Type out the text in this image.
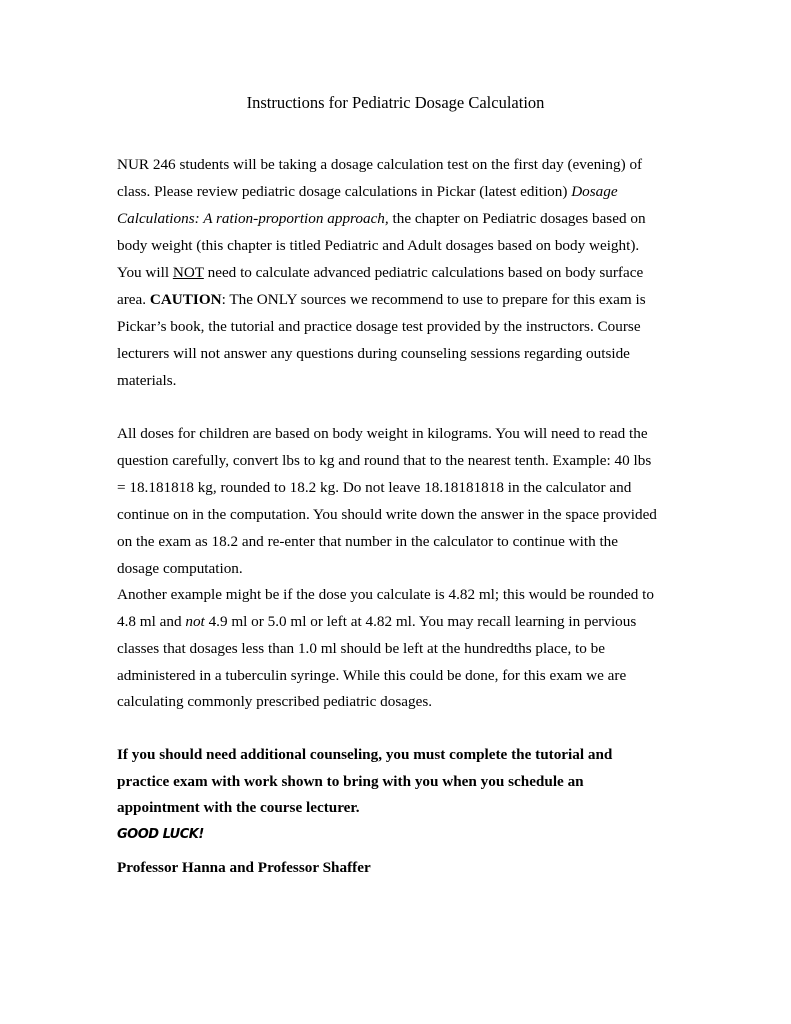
Instructions for Pediatric Dosage Calculation
NUR 246 students will be taking a dosage calculation test on the first day (evening) of
class. Please review pediatric dosage calculations in Pickar (latest edition) Dosage
Calculations: A ration-proportion approach, the chapter on Pediatric dosages based on
body weight (this chapter is titled Pediatric and Adult dosages based on body weight).
You will NOT need to calculate advanced pediatric calculations based on body surface
area. CAUTION: The ONLY sources we recommend to use to prepare for this exam is
Pickar’s book, the tutorial and practice dosage test provided by the instructors. Course
lecturers will not answer any questions during counseling sessions regarding outside
materials.
All doses for children are based on body weight in kilograms. You will need to read the
question carefully, convert lbs to kg and round that to the nearest tenth. Example: 40 lbs
= 18.181818 kg, rounded to 18.2 kg. Do not leave 18.18181818 in the calculator and
continue on in the computation. You should write down the answer in the space provided
on the exam as 18.2 and re-enter that number in the calculator to continue with the
dosage computation.
Another example might be if the dose you calculate is 4.82 ml; this would be rounded to
4.8 ml and not 4.9 ml or 5.0 ml or left at 4.82 ml. You may recall learning in pervious
classes that dosages less than 1.0 ml should be left at the hundredths place, to be
administered in a tuberculin syringe. While this could be done, for this exam we are
calculating commonly prescribed pediatric dosages.
If you should need additional counseling, you must complete the tutorial and
practice exam with work shown to bring with you when you schedule an
appointment with the course lecturer.
GOOD LUCK!
Professor Hanna and Professor Shaffer
